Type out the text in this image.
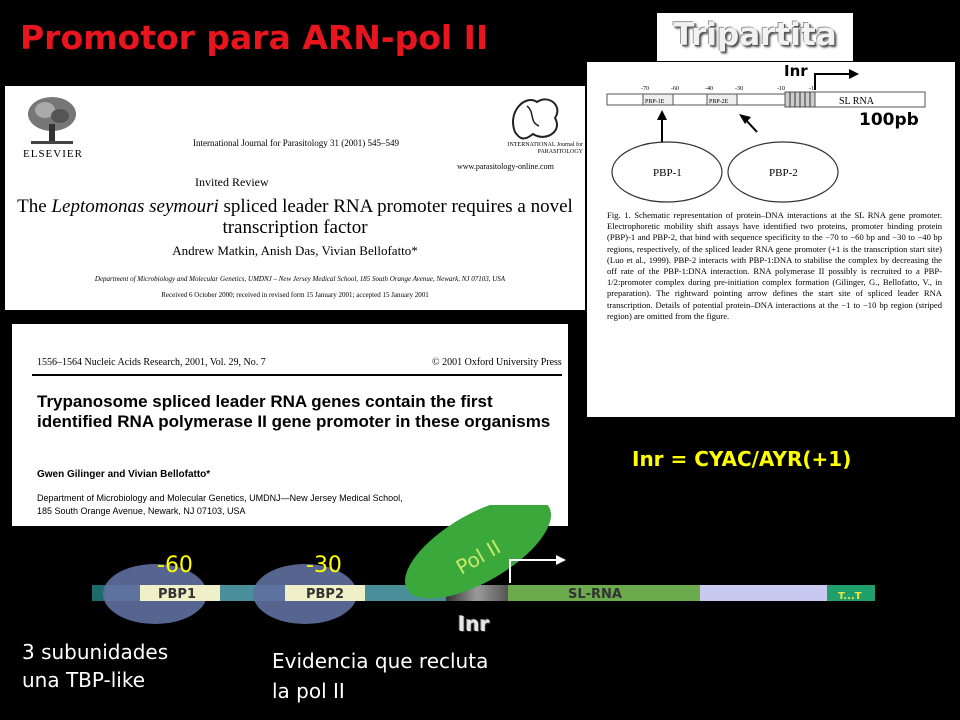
Promotor para ARN-pol II	Tripartita
ELSEVIER
International Journal for Parasitology 31 (2001) 545–549
www.parasitology-online.com
Invited Review
The Leptomonas seymouri spliced leader RNA promoter requires a novel transcription factor
Andrew Matkin, Anish Das, Vivian Bellofatto*
Department of Microbiology and Molecular Genetics, UMDNJ – New Jersey Medical School, 185 South Orange Avenue, Newark, NJ 07103, USA
Received 6 October 2000; received in revised form 15 January 2001; accepted 15 January 2001
INTERNATIONAL Journal for PARASITOLOGY
1556–1564 Nucleic Acids Research, 2001, Vol. 29, No. 7	© 2001 Oxford University Press
Trypanosome spliced leader RNA genes contain the first identified RNA polymerase II gene promoter in these organisms
Gwen Gilinger and Vivian Bellofatto*
Department of Microbiology and Molecular Genetics, UMDNJ—New Jersey Medical School,
185 South Orange Avenue, Newark, NJ 07103, USA
PBP-1E	PBP-2E	SL RNA
-70	-60	-40	-30	-10	-1
PBP-1	PBP-2
Inr
100pb
Fig. 1. Schematic representation of protein–DNA interactions at the SL RNA gene promoter. Electrophoretic mobility shift assays have identified two proteins, promoter binding protein (PBP)-1 and PBP-2, that bind with sequence specificity to the −70 to −60 bp and −30 to −40 bp regions, respectively, of the spliced leader RNA gene promoter (+1 is the transcription start site) (Luo et al., 1999). PBP-2 interacts with PBP-1:DNA to stabilise the complex by decreasing the off rate of the PBP-1:DNA interaction. RNA polymerase II possibly is recruited to a PBP-1/2:promoter complex during pre-initiation complex formation (Gilinger, G., Bellofatto, V., in preparation). The rightward pointing arrow defines the start site of spliced leader RNA transcription. Details of potential protein–DNA interactions at the −1 to −10 bp region (striped region) are omitted from the figure.
Inr = CYAC/AYR(+1)
PBP1	PBP2	SL-RNA	T...T
Pol II
-60	-30
Inr
3 subunidades
una TBP-like
Evidencia que recluta
la pol II
